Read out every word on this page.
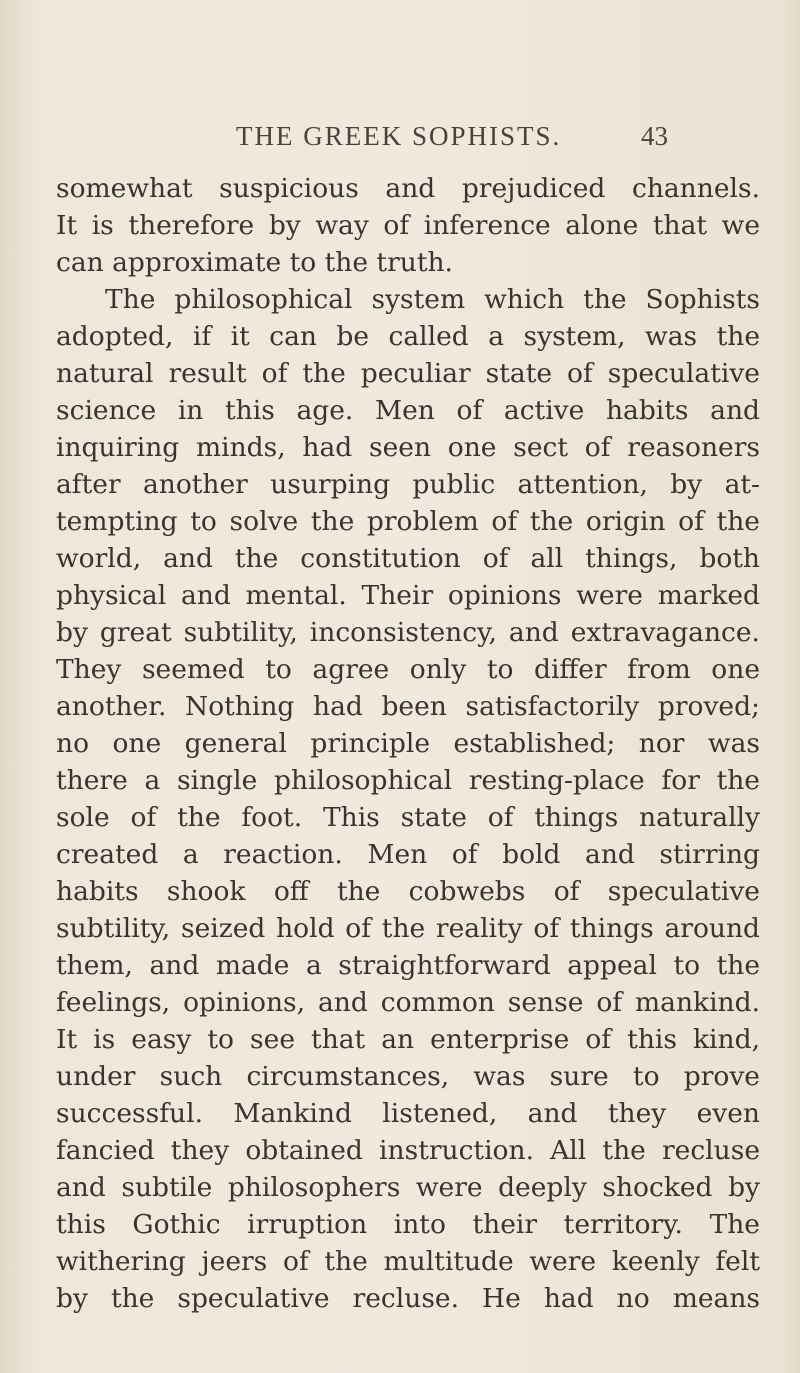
THE GREEK SOPHISTS.	43
somewhat suspicious and prejudiced channels.
It is therefore by way of inference alone that we
can approximate to the truth.
The philosophical system which the Sophists
adopted, if it can be called a system, was the
natural result of the peculiar state of speculative
science in this age. Men of active habits and
inquiring minds, had seen one sect of reasoners
after another usurping public attention, by at-
tempting to solve the problem of the origin of the
world, and the constitution of all things, both
physical and mental. Their opinions were marked
by great subtility, inconsistency, and extravagance.
They seemed to agree only to differ from one
another. Nothing had been satisfactorily proved;
no one general principle established; nor was
there a single philosophical resting-place for the
sole of the foot. This state of things naturally
created a reaction. Men of bold and stirring
habits shook off the cobwebs of speculative
subtility, seized hold of the reality of things around
them, and made a straightforward appeal to the
feelings, opinions, and common sense of mankind.
It is easy to see that an enterprise of this kind,
under such circumstances, was sure to prove
successful. Mankind listened, and they even
fancied they obtained instruction. All the recluse
and subtile philosophers were deeply shocked by
this Gothic irruption into their territory. The
withering jeers of the multitude were keenly felt
by the speculative recluse. He had no means
